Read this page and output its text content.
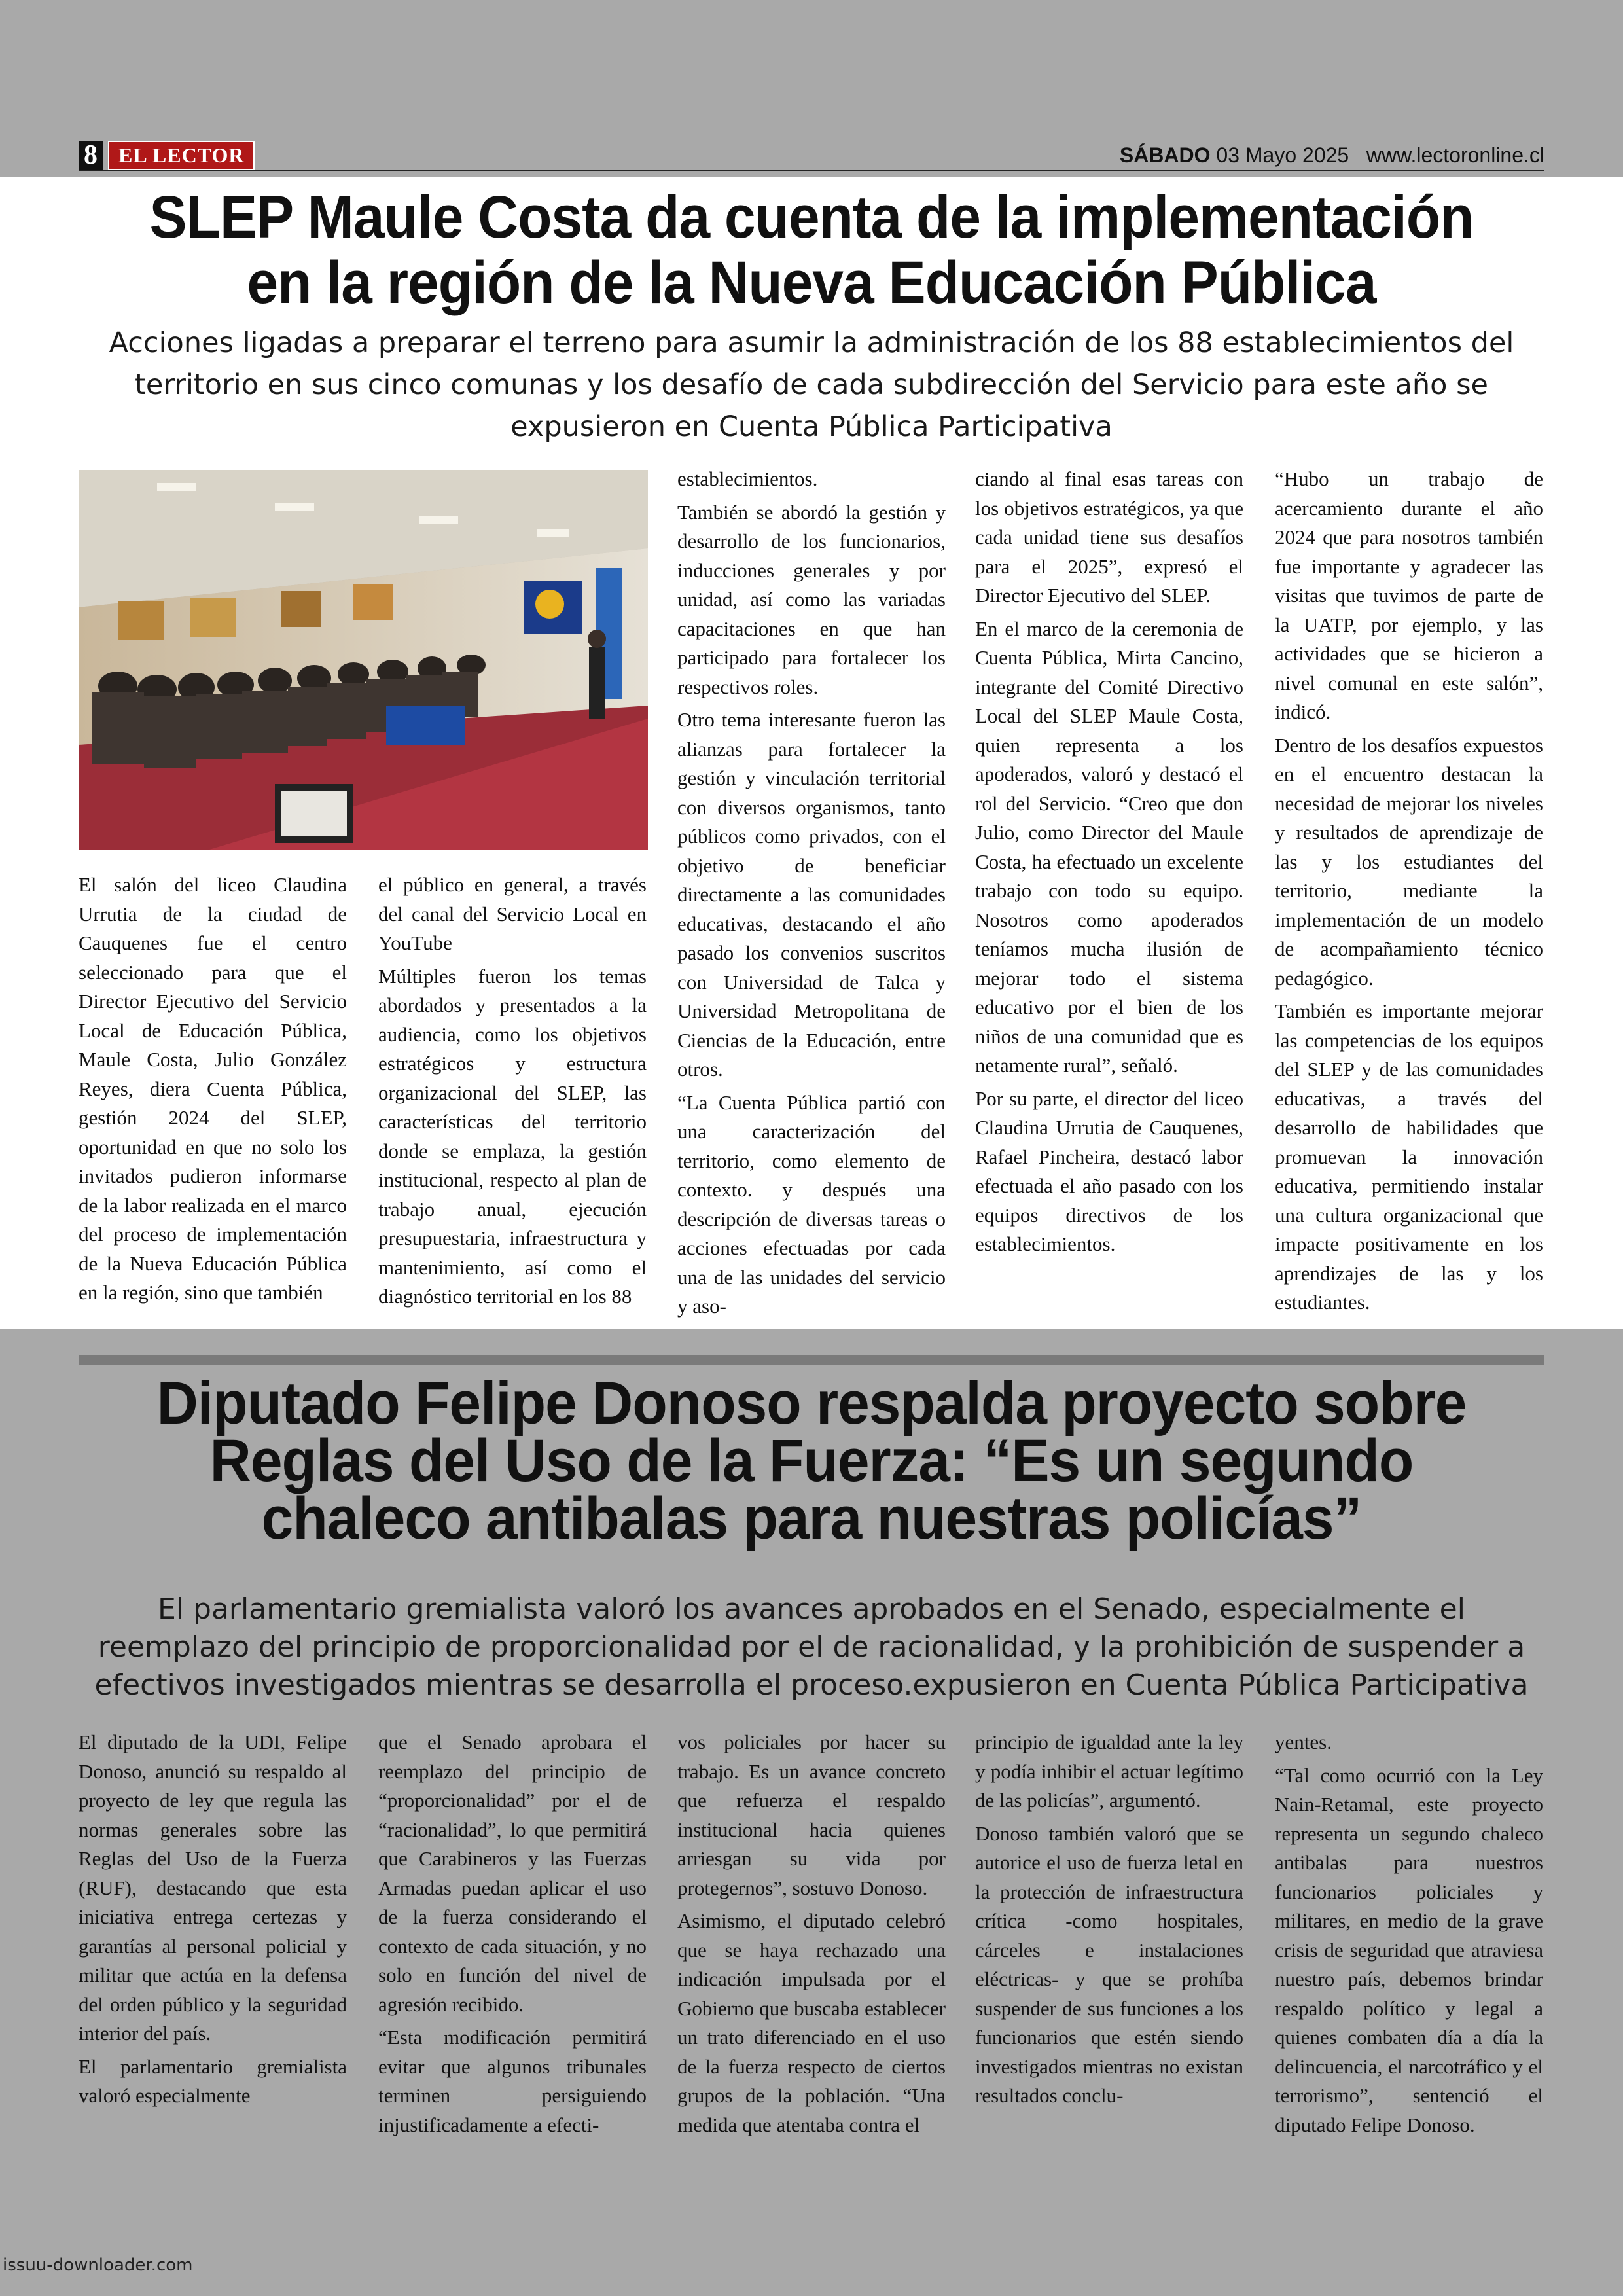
8	EL LECTOR	SÁBADO 03 Mayo 2025 www.lectoronline.cl
SLEP Maule Costa da cuenta de la implementación en la región de la Nueva Educación Pública
Acciones ligadas a preparar el terreno para asumir la administración de los 88 establecimientos del territorio en sus cinco comunas y los desafío de cada subdirección del Servicio para este año se expusieron en Cuenta Pública Participativa

El salón del liceo Claudina Urrutia de la ciudad de Cauquenes fue el centro seleccionado para que el Director Ejecutivo del Servicio Local de Educación Pública, Maule Costa, Julio González Reyes, diera Cuenta Pública, gestión 2024 del SLEP, oportunidad en que no solo los invitados pudieron informarse de la labor realizada en el marco del proceso de implementación de la Nueva Educación Pública en la región, sino que también

el público en general, a través del canal del Servicio Local en YouTube

Múltiples fueron los temas abordados y presentados a la audiencia, como los objetivos estratégicos y estructura organizacional del SLEP, las características del territorio donde se emplaza, la gestión institucional, respecto al plan de trabajo anual, ejecución presupuestaria, infraestructura y mantenimiento, así como el diagnóstico territorial en los 88

establecimientos.

También se abordó la gestión y desarrollo de los funcionarios, inducciones generales y por unidad, así como las variadas capacitaciones en que han participado para fortalecer los respectivos roles.

Otro tema interesante fueron las alianzas para fortalecer la gestión y vinculación territorial con diversos organismos, tanto públicos como privados, con el objetivo de beneficiar directamente a las comunidades educativas, destacando el año pasado los convenios suscritos con Universidad de Talca y Universidad Metropolitana de Ciencias de la Educación, entre otros.

“La Cuenta Pública partió con una caracterización del territorio, como elemento de contexto. y después una descripción de diversas tareas o acciones efectuadas por cada una de las unidades del servicio y aso-

ciando al final esas tareas con los objetivos estratégicos, ya que cada unidad tiene sus desafíos para el 2025”, expresó el Director Ejecutivo del SLEP.

En el marco de la ceremonia de Cuenta Pública, Mirta Cancino, integrante del Comité Directivo Local del SLEP Maule Costa, quien representa a los apoderados, valoró y destacó el rol del Servicio. “Creo que don Julio, como Director del Maule Costa, ha efectuado un excelente trabajo con todo su equipo. Nosotros como apoderados teníamos mucha ilusión de mejorar todo el sistema educativo por el bien de los niños de una comunidad que es netamente rural”, señaló.

Por su parte, el director del liceo Claudina Urrutia de Cauquenes, Rafael Pincheira, destacó labor efectuada el año pasado con los equipos directivos de los establecimientos.

“Hubo un trabajo de acercamiento durante el año 2024 que para nosotros también fue importante y agradecer las visitas que tuvimos de parte de la UATP, por ejemplo, y las actividades que se hicieron a nivel comunal en este salón”, indicó.

Dentro de los desafíos expuestos en el encuentro destacan la necesidad de mejorar los niveles y resultados de aprendizaje de las y los estudiantes del territorio, mediante la implementación de un modelo de acompañamiento técnico pedagógico.

También es importante mejorar las competencias de los equipos del SLEP y de las comunidades educativas, a través del desarrollo de habilidades que promuevan la innovación educativa, permitiendo instalar una cultura organizacional que impacte positivamente en los aprendizajes de las y los estudiantes.

Diputado Felipe Donoso respalda proyecto sobre Reglas del Uso de la Fuerza: “Es un segundo chaleco antibalas para nuestras policías”
El parlamentario gremialista valoró los avances aprobados en el Senado, especialmente el reemplazo del principio de proporcionalidad por el de racionalidad, y la prohibición de suspender a efectivos investigados mientras se desarrolla el proceso.expusieron en Cuenta Pública Participativa

El diputado de la UDI, Felipe Donoso, anunció su respaldo al proyecto de ley que regula las normas generales sobre las Reglas del Uso de la Fuerza (RUF), destacando que esta iniciativa entrega certezas y garantías al personal policial y militar que actúa en la defensa del orden público y la seguridad interior del país.

El parlamentario gremialista valoró especialmente

que el Senado aprobara el reemplazo del principio de “proporcionalidad” por el de “racionalidad”, lo que permitirá que Carabineros y las Fuerzas Armadas puedan aplicar el uso de la fuerza considerando el contexto de cada situación, y no solo en función del nivel de agresión recibido.

“Esta modificación permitirá evitar que algunos tribunales terminen persiguiendo injustificadamente a efecti-

vos policiales por hacer su trabajo. Es un avance concreto que refuerza el respaldo institucional hacia quienes arriesgan su vida por protegernos”, sostuvo Donoso.

Asimismo, el diputado celebró que se haya rechazado una indicación impulsada por el Gobierno que buscaba establecer un trato diferenciado en el uso de la fuerza respecto de ciertos grupos de la población. “Una medida que atentaba contra el

principio de igualdad ante la ley y podía inhibir el actuar legítimo de las policías”, argumentó.

Donoso también valoró que se autorice el uso de fuerza letal en la protección de infraestructura crítica -como hospitales, cárceles e instalaciones eléctricas- y que se prohíba suspender de sus funciones a los funcionarios que estén siendo investigados mientras no existan resultados conclu-

yentes.

“Tal como ocurrió con la Ley Nain-Retamal, este proyecto representa un segundo chaleco antibalas para nuestros funcionarios policiales y militares, en medio de la grave crisis de seguridad que atraviesa nuestro país, debemos brindar respaldo político y legal a quienes combaten día a día la delincuencia, el narcotráfico y el terrorismo”, sentenció el diputado Felipe Donoso.

issuu-downloader.com
